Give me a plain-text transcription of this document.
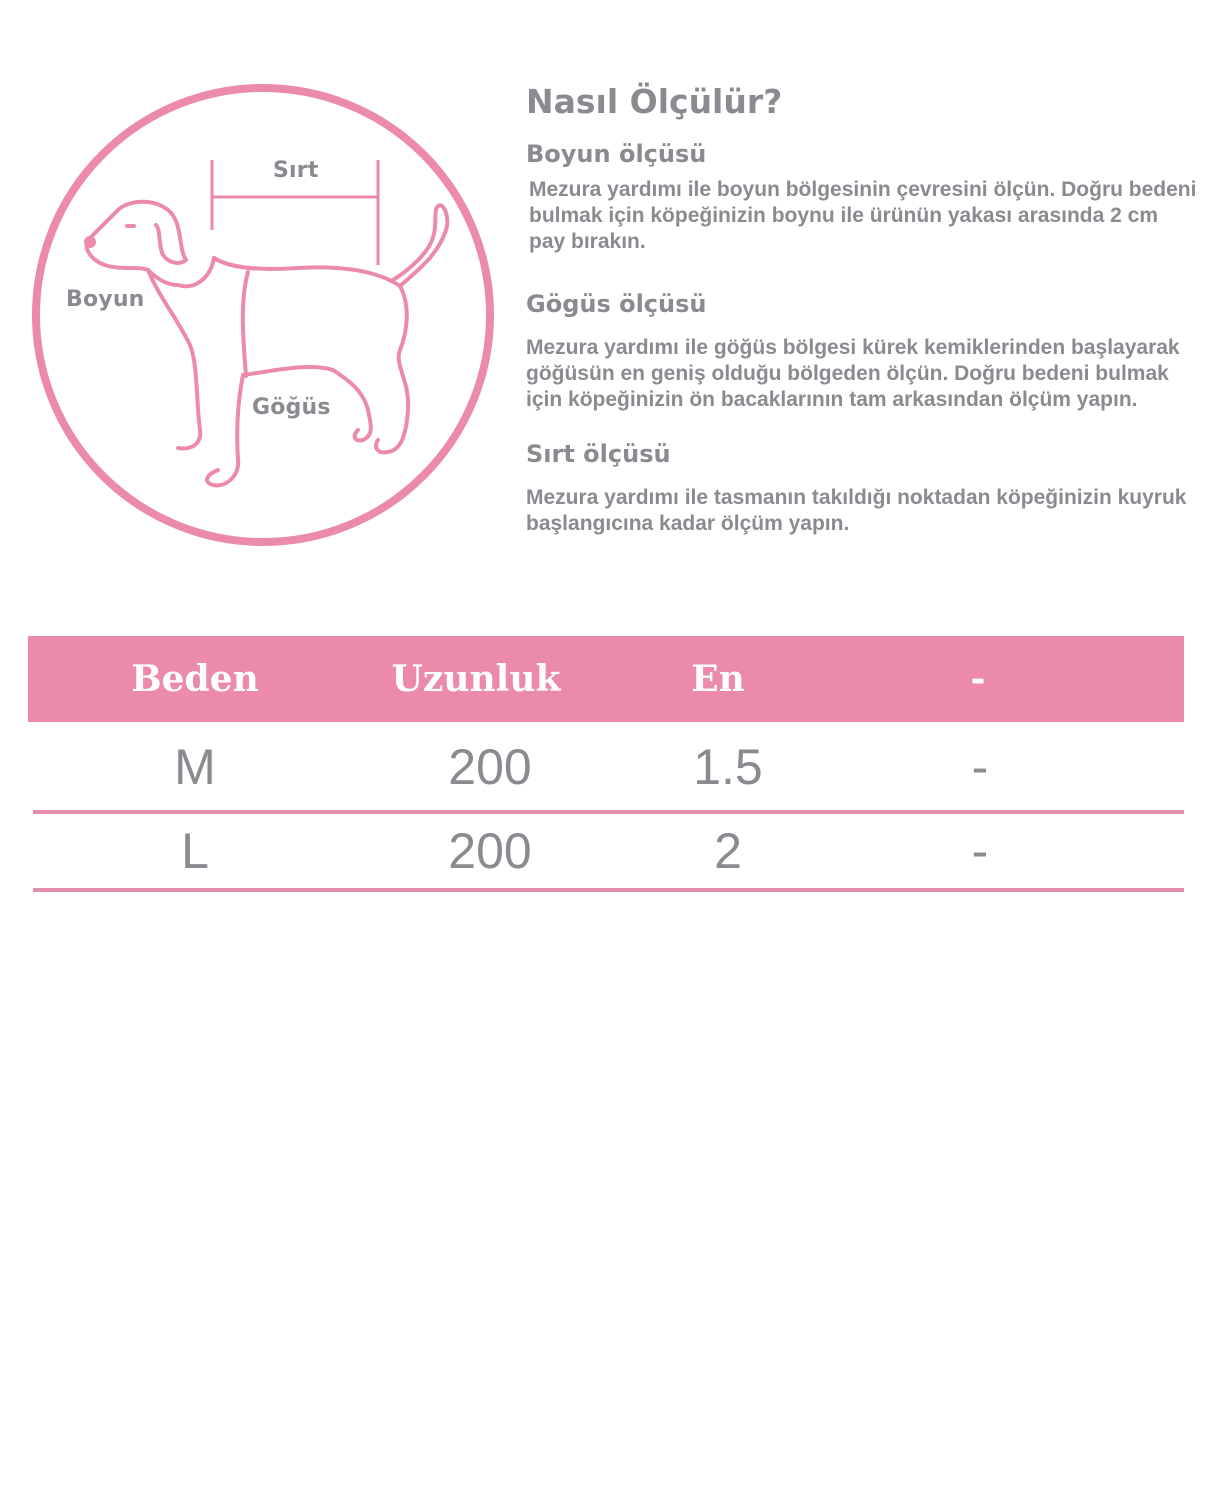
Sırt
Boyun
Göğüs
Nasıl Ölçülür?
Boyun ölçüsü

Mezura yardımı ile boyun bölgesinin çevresini ölçün. Doğru bedeni bulmak için köpeğinizin boynu ile ürünün yakası arasında 2 cm pay bırakın.

Gögüs ölçüsü

Mezura yardımı ile göğüs bölgesi kürek kemiklerinden başlayarak göğüsün en geniş olduğu bölgeden ölçün. Doğru bedeni bulmak için köpeğinizin ön bacaklarının tam arkasından ölçüm yapın.

Sırt ölçüsü

Mezura yardımı ile tasmanın takıldığı noktadan köpeğinizin kuyruk başlangıcına kadar ölçüm yapın.

Beden	Uzunluk	En	-
M	200	1.5	-
L	200	2	-
